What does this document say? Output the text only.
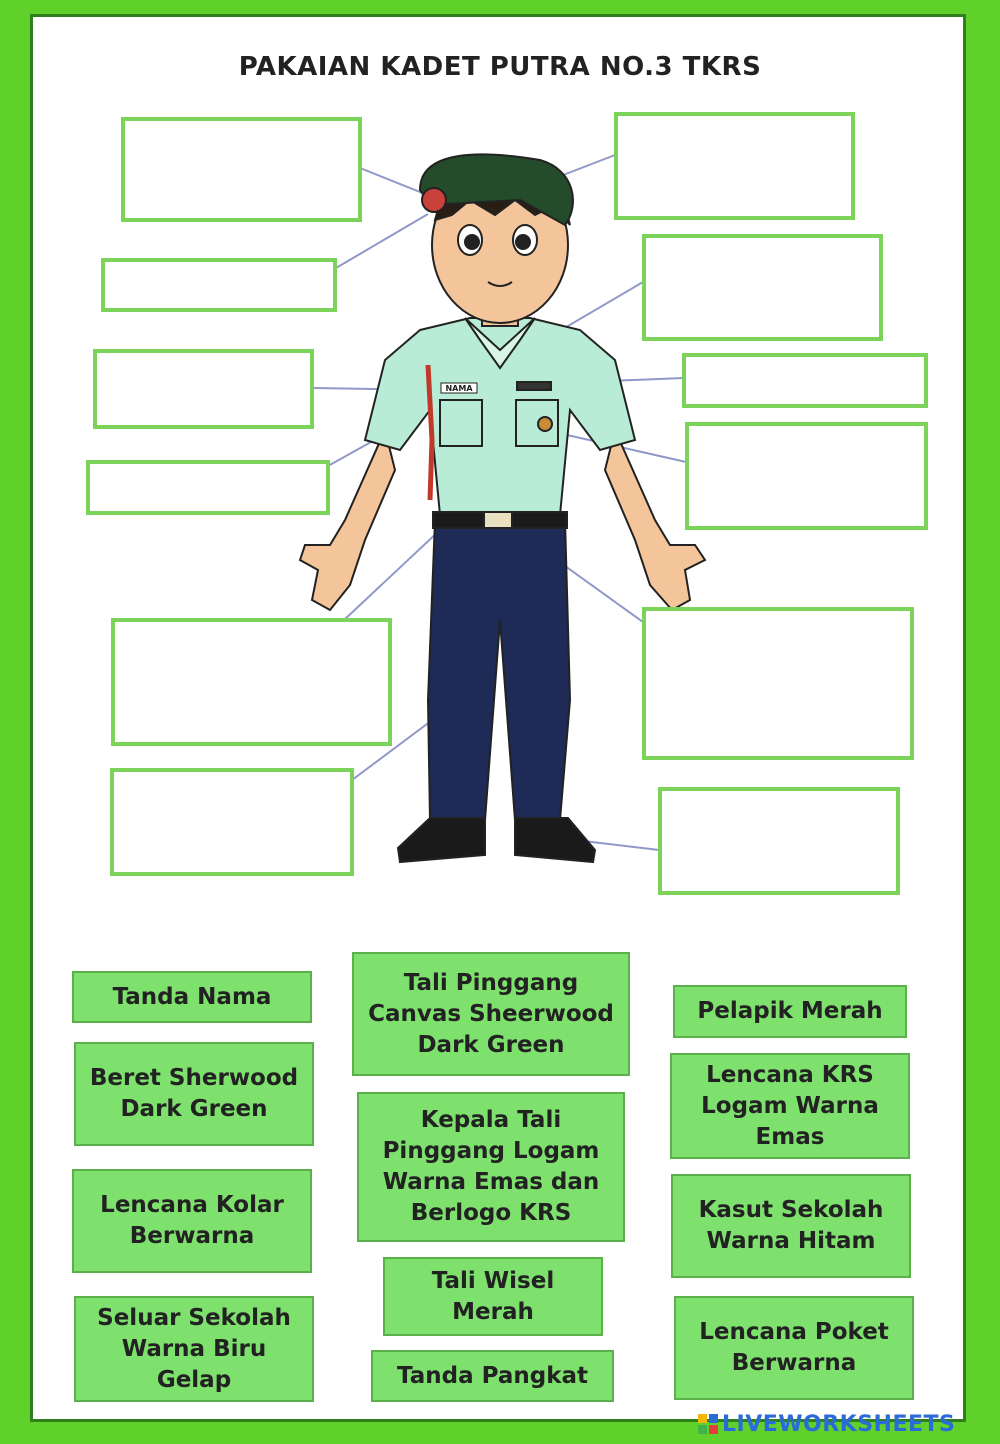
PAKAIAN KADET PUTRA NO.3 TKRS
NAMA
Tanda Nama
Tali Pinggang Canvas Sheerwood Dark Green
Pelapik Merah
Beret Sherwood Dark Green
Lencana KRS Logam Warna Emas
Kepala Tali Pinggang Logam Warna Emas dan Berlogo KRS
Lencana Kolar Berwarna
Kasut Sekolah Warna Hitam
Tali Wisel Merah
Seluar Sekolah Warna Biru Gelap
Lencana Poket Berwarna
Tanda Pangkat
LIVEWORKSHEETS
